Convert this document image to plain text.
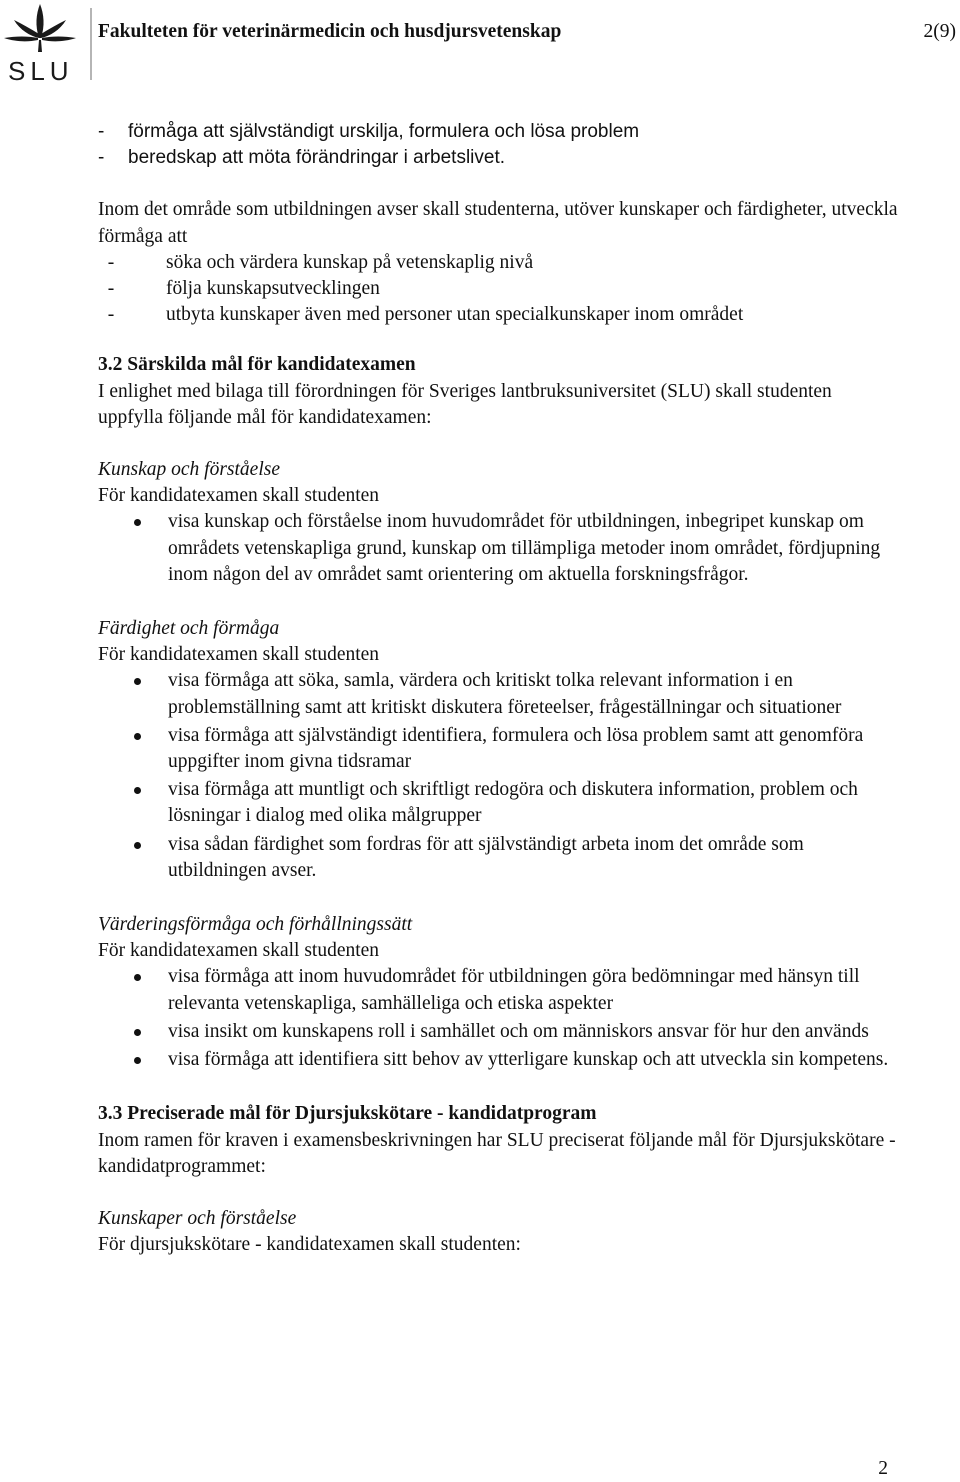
SLU
Fakulteten för veterinärmedicin och husdjursvetenskap	2(9)
-	förmåga att självständigt urskilja, formulera och lösa problem
-	beredskap att möta förändringar i arbetslivet.

Inom det område som utbildningen avser skall studenterna, utöver kunskaper och färdigheter, utveckla förmåga att

-	söka och värdera kunskap på vetenskaplig nivå
-	följa kunskapsutvecklingen
-	utbyta kunskaper även med personer utan specialkunskaper inom området

3.2 Särskilda mål för kandidatexamen

I enlighet med bilaga till förordningen för Sveriges lantbruksuniversitet (SLU) skall studenten uppfylla följande mål för kandidatexamen:

Kunskap och förståelse

För kandidatexamen skall studenten

visa kunskap och förståelse inom huvudområdet för utbildningen, inbegripet kunskap om områdets vetenskapliga grund, kunskap om tillämpliga metoder inom området, fördjupning inom någon del av området samt orientering om aktuella forskningsfrågor.

Färdighet och förmåga

För kandidatexamen skall studenten

visa förmåga att söka, samla, värdera och kritiskt tolka relevant information i en problemställning samt att kritiskt diskutera företeelser, frågeställningar och situationer
visa förmåga att självständigt identifiera, formulera och lösa problem samt att genomföra uppgifter inom givna tidsramar
visa förmåga att muntligt och skriftligt redogöra och diskutera information, problem och lösningar i dialog med olika målgrupper
visa sådan färdighet som fordras för att självständigt arbeta inom det område som utbildningen avser.

Värderingsförmåga och förhållningssätt

För kandidatexamen skall studenten

visa förmåga att inom huvudområdet för utbildningen göra bedömningar med hänsyn till relevanta vetenskapliga, samhälleliga och etiska aspekter
visa insikt om kunskapens roll i samhället och om människors ansvar för hur den används
visa förmåga att identifiera sitt behov av ytterligare kunskap och att utveckla sin kompetens.

3.3 Preciserade mål för Djursjukskötare - kandidatprogram

Inom ramen för kraven i examensbeskrivningen har SLU preciserat följande mål för Djursjukskötare - kandidatprogrammet:

Kunskaper och förståelse

För djursjukskötare - kandidatexamen skall studenten:

2
